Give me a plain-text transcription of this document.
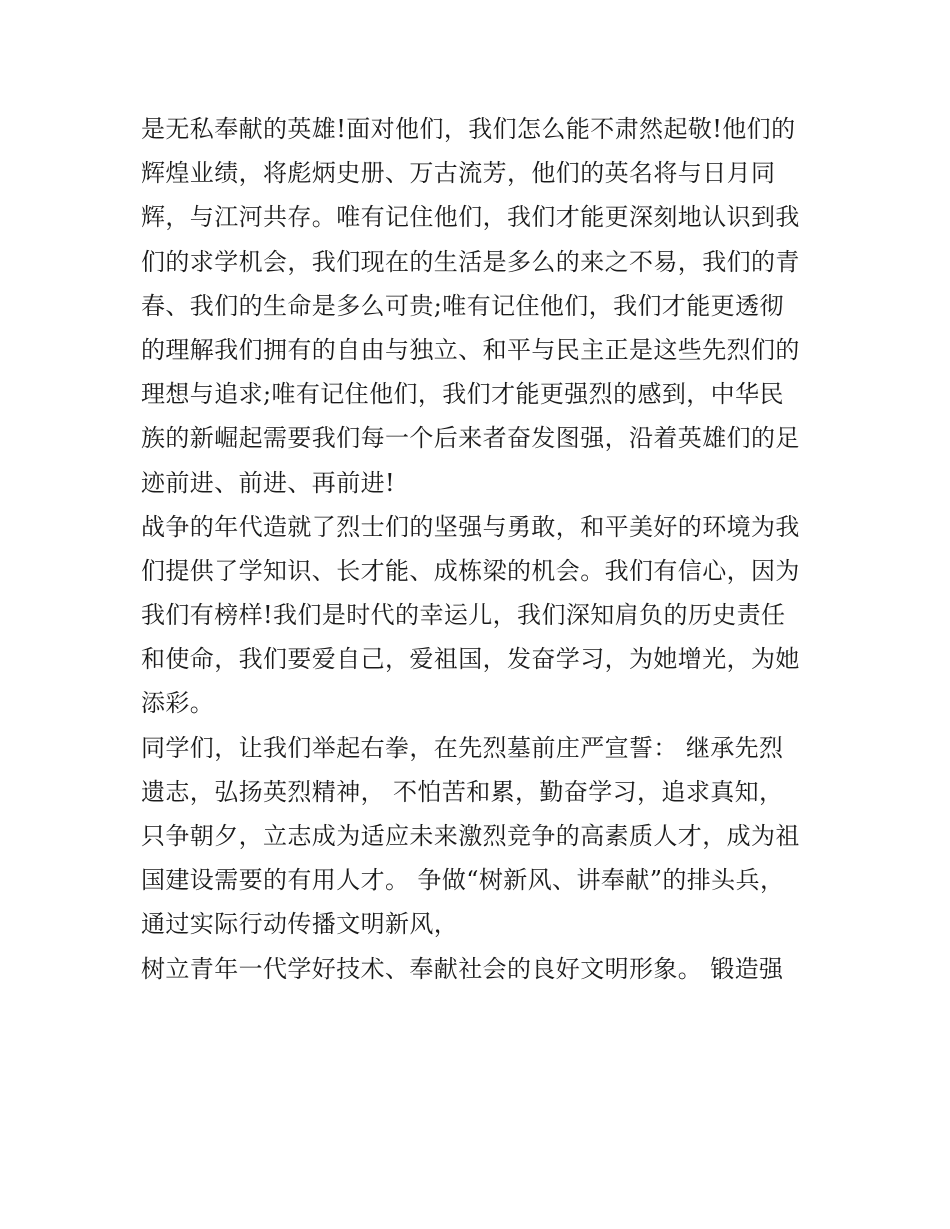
是无私奉献的英雄!面对他们，我们怎么能不肃然起敬!他们的
辉煌业绩，将彪炳史册、万古流芳，他们的英名将与日月同
辉，与江河共存。唯有记住他们，我们才能更深刻地认识到我
们的求学机会，我们现在的生活是多么的来之不易，我们的青
春、我们的生命是多么可贵;唯有记住他们，我们才能更透彻
的理解我们拥有的自由与独立、和平与民主正是这些先烈们的
理想与追求;唯有记住他们，我们才能更强烈的感到，中华民
族的新崛起需要我们每一个后来者奋发图强，沿着英雄们的足
迹前进、前进、再前进!
战争的年代造就了烈士们的坚强与勇敢，和平美好的环境为我
们提供了学知识、长才能、成栋梁的机会。我们有信心，因为
我们有榜样!我们是时代的幸运儿，我们深知肩负的历史责任
和使命，我们要爱自己，爱祖国，发奋学习，为她增光，为她
添彩。
同学们，让我们举起右拳，在先烈墓前庄严宣誓： 继承先烈
遗志，弘扬英烈精神， 不怕苦和累，勤奋学习，追求真知，
只争朝夕，立志成为适应未来激烈竞争的高素质人才，成为祖
国建设需要的有用人才。 争做“树新风、讲奉献”的排头兵，
通过实际行动传播文明新风，
树立青年一代学好技术、奉献社会的良好文明形象。 锻造强
